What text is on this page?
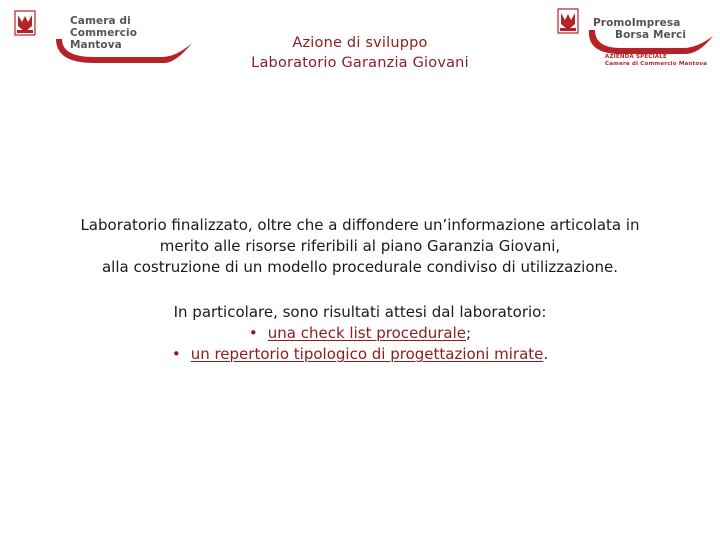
Camera di Commercio
Mantova
PromoImpresa
Borsa Merci
AZIENDA SPECIALE
Camera di Commercio Mantova
Azione di sviluppo
Laboratorio Garanzia Giovani
Laboratorio finalizzato, oltre che a diffondere un’informazione articolata in
merito alle risorse riferibili al piano Garanzia Giovani,
alla costruzione di un modello procedurale condiviso di utilizzazione.
In particolare, sono risultati attesi dal laboratorio:
• una check list procedurale;
• un repertorio tipologico di progettazioni mirate.
